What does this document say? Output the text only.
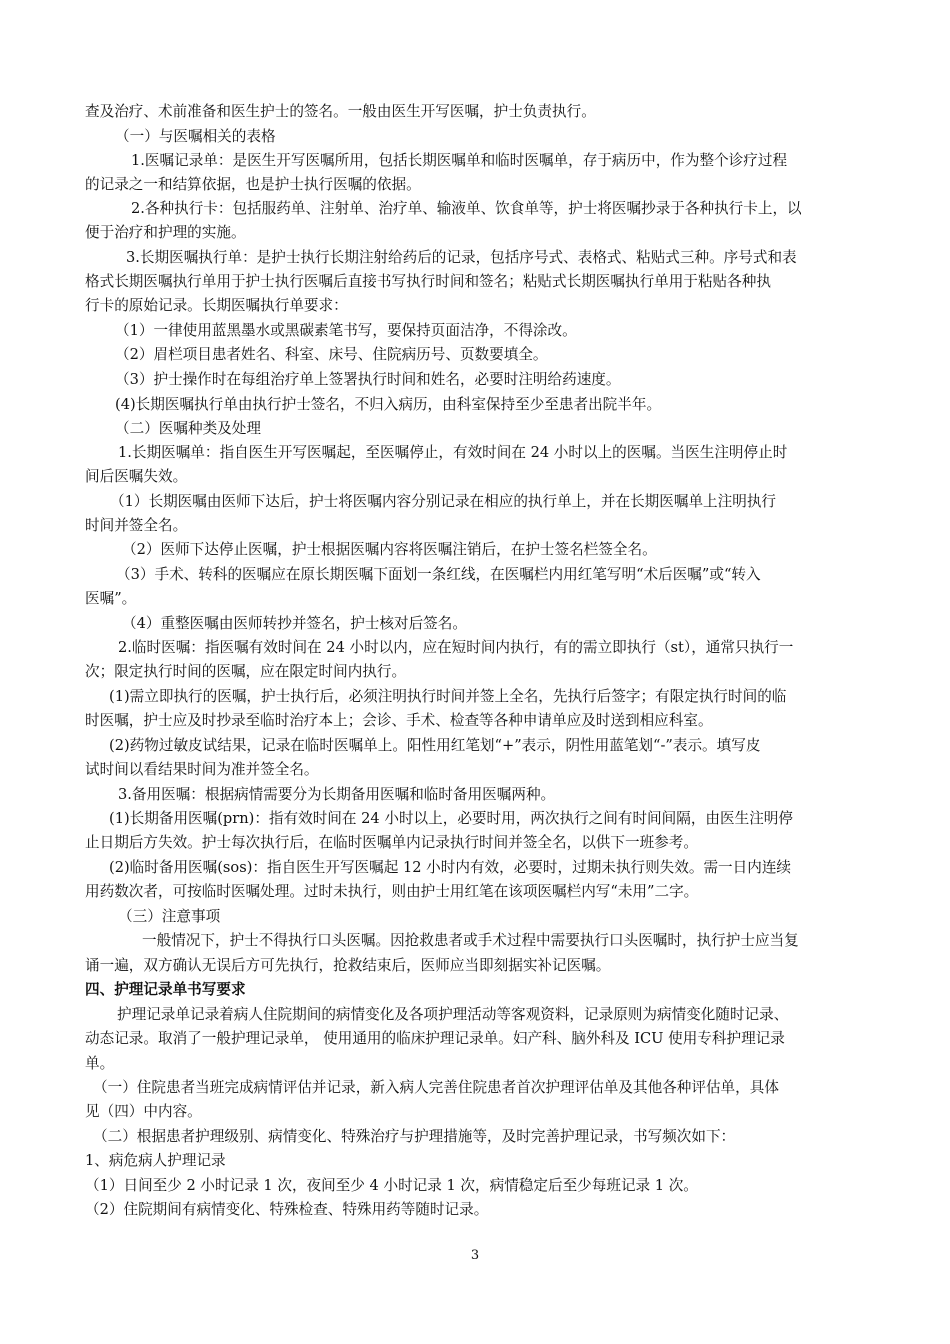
查及治疗、术前准备和医生护士的签名。一般由医生开写医嘱，护士负责执行。
（一）与医嘱相关的表格
1.医嘱记录单：是医生开写医嘱所用，包括长期医嘱单和临时医嘱单，存于病历中，作为整个诊疗过程
的记录之一和结算依据，也是护士执行医嘱的依据。
2.各种执行卡：包括服药单、注射单、治疗单、输液单、饮食单等，护士将医嘱抄录于各种执行卡上，以
便于治疗和护理的实施。
3.长期医嘱执行单：是护士执行长期注射给药后的记录，包括序号式、表格式、粘贴式三种。序号式和表
格式长期医嘱执行单用于护士执行医嘱后直接书写执行时间和签名；粘贴式长期医嘱执行单用于粘贴各种执
行卡的原始记录。长期医嘱执行单要求：
（1）一律使用蓝黑墨水或黑碳素笔书写，要保持页面洁净，不得涂改。
（2）眉栏项目患者姓名、科室、床号、住院病历号、页数要填全。
（3）护士操作时在每组治疗单上签署执行时间和姓名，必要时注明给药速度。
(4)长期医嘱执行单由执行护士签名，不归入病历，由科室保持至少至患者出院半年。
（二）医嘱种类及处理
1.长期医嘱单：指自医生开写医嘱起，至医嘱停止，有效时间在 24 小时以上的医嘱。当医生注明停止时
间后医嘱失效。
（1）长期医嘱由医师下达后，护士将医嘱内容分别记录在相应的执行单上，并在长期医嘱单上注明执行
时间并签全名。
（2）医师下达停止医嘱，护士根据医嘱内容将医嘱注销后，在护士签名栏签全名。
（3）手术、转科的医嘱应在原长期医嘱下面划一条红线，在医嘱栏内用红笔写明“术后医嘱”或“转入
医嘱”。
（4）重整医嘱由医师转抄并签名，护士核对后签名。
2.临时医嘱：指医嘱有效时间在 24 小时以内，应在短时间内执行，有的需立即执行（st），通常只执行一
次；限定执行时间的医嘱，应在限定时间内执行。
(1)需立即执行的医嘱，护士执行后，必须注明执行时间并签上全名，先执行后签字；有限定执行时间的临
时医嘱，护士应及时抄录至临时治疗本上；会诊、手术、检查等各种申请单应及时送到相应科室。
(2)药物过敏皮试结果，记录在临时医嘱单上。阳性用红笔划“+”表示，阴性用蓝笔划“-”表示。填写皮
试时间以看结果时间为准并签全名。
3.备用医嘱：根据病情需要分为长期备用医嘱和临时备用医嘱两种。
(1)长期备用医嘱(prn)：指有效时间在 24 小时以上，必要时用，两次执行之间有时间间隔，由医生注明停
止日期后方失效。护士每次执行后，在临时医嘱单内记录执行时间并签全名，以供下一班参考。
(2)临时备用医嘱(sos)：指自医生开写医嘱起 12 小时内有效，必要时，过期未执行则失效。需一日内连续
用药数次者，可按临时医嘱处理。过时未执行，则由护士用红笔在该项医嘱栏内写“未用”二字。
（三）注意事项
一般情况下，护士不得执行口头医嘱。因抢救患者或手术过程中需要执行口头医嘱时，执行护士应当复
诵一遍，双方确认无误后方可先执行，抢救结束后，医师应当即刻据实补记医嘱。
四、护理记录单书写要求
护理记录单记录着病人住院期间的病情变化及各项护理活动等客观资料，记录原则为病情变化随时记录、
动态记录。取消了一般护理记录单， 使用通用的临床护理记录单。妇产科、脑外科及 ICU 使用专科护理记录
单。
（一）住院患者当班完成病情评估并记录，新入病人完善住院患者首次护理评估单及其他各种评估单，具体
见（四）中内容。
（二）根据患者护理级别、病情变化、特殊治疗与护理措施等，及时完善护理记录，书写频次如下：
1、病危病人护理记录
（1）日间至少 2 小时记录 1 次，夜间至少 4 小时记录 1 次，病情稳定后至少每班记录 1 次。
（2）住院期间有病情变化、特殊检查、特殊用药等随时记录。
3
